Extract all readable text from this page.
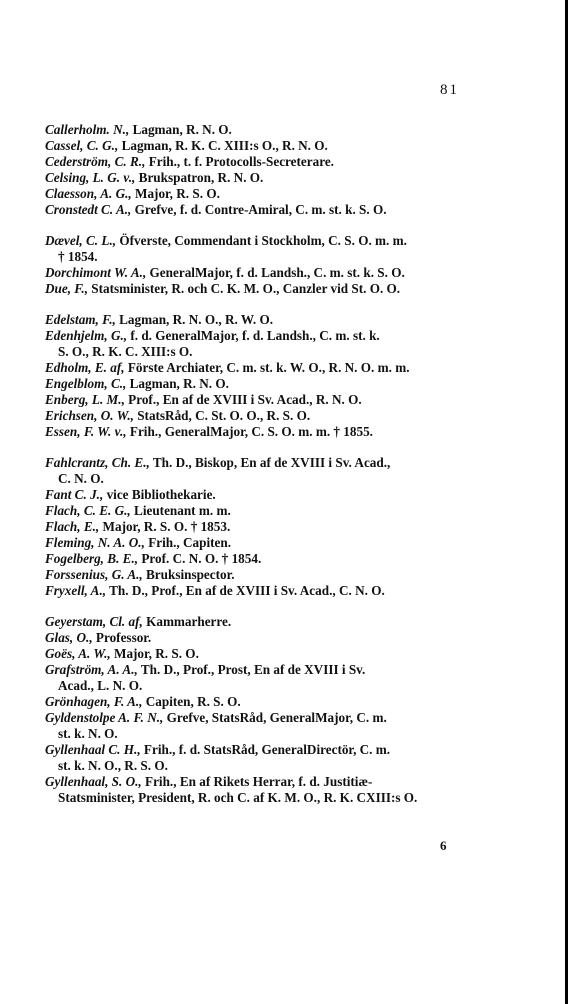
81
Callerholm. N., Lagman, R. N. O.
Cassel, C. G., Lagman, R. K. C. XIII:s O., R. N. O.
Cederström, C. R., Frih., t. f. Protocolls-Secreterare.
Celsing, L. G. v., Brukspatron, R. N. O.
Claesson, A. G., Major, R. S. O.
Cronstedt C. A., Grefve, f. d. Contre-Amiral, C. m. st. k. S. O.
Dævel, C. L., Öfverste, Commendant i Stockholm, C. S. O. m. m.
† 1854.
Dorchimont W. A., GeneralMajor, f. d. Landsh., C. m. st. k. S. O.
Due, F., Statsminister, R. och C. K. M. O., Canzler vid St. O. O.
Edelstam, F., Lagman, R. N. O., R. W. O.
Edenhjelm, G., f. d. GeneralMajor, f. d. Landsh., C. m. st. k.
S. O., R. K. C. XIII:s O.
Edholm, E. af, Förste Archiater, C. m. st. k. W. O., R. N. O. m. m.
Engelblom, C., Lagman, R. N. O.
Enberg, L. M., Prof., En af de XVIII i Sv. Acad., R. N. O.
Erichsen, O. W., StatsRåd, C. St. O. O., R. S. O.
Essen, F. W. v., Frih., GeneralMajor, C. S. O. m. m. † 1855.
Fahlcrantz, Ch. E., Th. D., Biskop, En af de XVIII i Sv. Acad.,
C. N. O.
Fant C. J., vice Bibliothekarie.
Flach, C. E. G., Lieutenant m. m.
Flach, E., Major, R. S. O. † 1853.
Fleming, N. A. O., Frih., Capiten.
Fogelberg, B. E., Prof. C. N. O. † 1854.
Forssenius, G. A., Bruksinspector.
Fryxell, A., Th. D., Prof., En af de XVIII i Sv. Acad., C. N. O.
Geyerstam, Cl. af, Kammarherre.
Glas, O., Professor.
Goës, A. W., Major, R. S. O.
Grafström, A. A., Th. D., Prof., Prost, En af de XVIII i Sv.
Acad., L. N. O.
Grönhagen, F. A., Capiten, R. S. O.
Gyldenstolpe A. F. N., Grefve, StatsRåd, GeneralMajor, C. m.
st. k. N. O.
Gyllenhaal C. H., Frih., f. d. StatsRåd, GeneralDirectör, C. m.
st. k. N. O., R. S. O.
Gyllenhaal, S. O., Frih., En af Rikets Herrar, f. d. Justitiæ-
Statsminister, President, R. och C. af K. M. O., R. K. CXIII:s O.
6
